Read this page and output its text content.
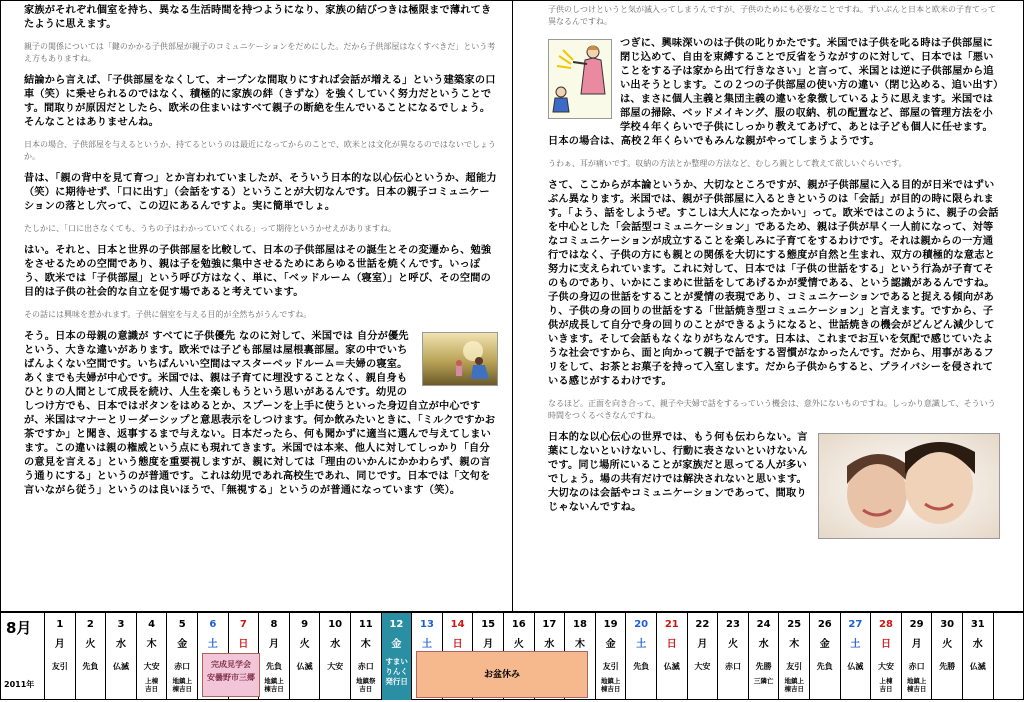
家族がそれぞれ個室を持ち、異なる生活時間を持つようになり、家族の結びつきは極限まで薄れてきたように思えます。

親子の関係については「鍵のかかる子供部屋が親子のコミュニケーションをだめにした。だから子供部屋はなくすべきだ」という考え方もありますね。

結論から言えば、「子供部屋をなくして、オープンな間取りにすれば会話が増える」という建築家の口車（笑）に乗せられるのではなく、積極的に家族の絆（きずな）を強くしていく努力だということです。間取りが原因だとしたら、欧米の住まいはすべて親子の断絶を生んでいることになるでしょう。そんなことはありませんね。

日本の場合、子供部屋を与えるというか、持てるというのは最近になってからのことで、欧米とは文化が異なるのではないでしょうか。

昔は、「親の背中を見て育つ」とか言われていましたが、そういう日本的な以心伝心というか、超能力（笑）に期待せず、「口に出す」（会話をする）ということが大切なんです。日本の親子コミュニケーションの落とし穴って、この辺にあるんですよ。実に簡単でしょ。

たしかに、「口に出さなくても、うちの子はわかっていてくれる」って期待というかせえがありますね。

はい。それと、日本と世界の子供部屋を比較して、日本の子供部屋はその誕生とその変遷から、勉強をさせるための空間であり、親は子を勉強に集中させるためにあらゆる世話を焼くんです。いっぽう、欧米では「子供部屋」という呼び方はなく、単に、「ベッドルーム（寝室）」と呼び、その空間の目的は子供の社会的な自立を促す場であると考えています。

その話には興味を惹かれます。子供に個室を与える目的が全然ちがうんですね。

そう。日本の母親の意識が すべてに子供優先 なのに対して、米国では 自分が優先 という、大きな違いがあります。欧米では子ども部屋は屋根裏部屋。家の中でいちばんよくない空間です。いちばんいい空間はマスターベッドルーム＝夫婦の寝室。あくまでも夫婦が中心です。米国では、親は子育てに埋没することなく、親自身もひとりの人間として成長を続け、人生を楽しもうという思いがあるんです。幼児のしつけ方でも、日本ではボタンをはめるとか、スプーンを上手に使うといった身辺自立が中心ですが、米国はマナーとリーダーシップと意思表示をしつけます。何か飲みたいときに、「ミルクですかお茶ですか」と聞き、返事するまで与えない。日本だったら、何も聞かずに適当に選んで与えてしまいます。この違いは親の権威という点にも現れてきます。米国では本来、他人に対してしっかり「自分の意見を言える」という態度を重要視しますが、親に対しては「理由のいかんにかかわらず、親の言う通りにする」というのが普通です。これは幼児であれ高校生であれ、同じです。日本では「文句を言いながら従う」というのは良いほうで、「無視する」というのが普通になっています（笑）。

子供のしつけというと気が滅入ってしまうんですが、子供のためにも必要なことですね。ずいぶんと日本と欧米の子育てって異なるんですね。

つぎに、興味深いのは子供の叱りかたです。米国では子供を叱る時は子供部屋に閉じ込めて、自由を束縛することで反省をうながすのに対して、日本では「悪いことをする子は家から出て行きなさい」と言って、米国とは逆に子供部屋から追い出そうとします。この２つの子供部屋の使い方の違い（閉じ込める、追い出す）は、まさに個人主義と集団主義の違いを象徴しているように思えます。米国では部屋の掃除、ベッドメイキング、服の収納、机の配置など、部屋の管理方法を小学校４年くらいで子供にしっかり教えてあげて、あとは子ども個人に任せます。日本の場合は、高校２年くらいでもみんな親がやってしまうようです。

うわぁ、耳が痛いです。収納の方法とか整理の方法など、むしろ親として教えて欲しいぐらいです。

さて、ここからが本論というか、大切なところですが、親が子供部屋に入る目的が日米ではずいぶん異なります。米国では、親が子供部屋に入るときというのは「会話」が目的の時に限られます。「よう、話をしようぜ。すこしは大人になったかい」って。欧米ではこのように、親子の会話を中心とした「会話型コミュニケーション」であるため、親は子供が早く一人前になって、対等なコミュニケーションが成立することを楽しみに子育てをするわけです。それは親からの一方通行ではなく、子供の方にも親との関係を大切にする態度が自然と生まれ、双方の積極的な意志と努力に支えられています。これに対して、日本では「子供の世話をする」という行為が子育てそのものであり、いかにこまめに世話をしてあげるかが愛情である、という認識があるんですね。子供の身辺の世話をすることが愛情の表現であり、コミュニケーションであると捉える傾向があり、子供の身の回りの世話をする「世話焼き型コミュニケーション」と言えます。ですから、子供が成長して自分で身の回りのことができるようになると、世話焼きの機会がどんどん減少していきます。そして会話もなくなりがちなんです。日本は、これまでお互いを気配で感じていたような社会ですから、面と向かって親子で話をする習慣がなかったんです。だから、用事があるフリをして、お茶とお菓子を持って入室します。だから子供からすると、プライバシーを侵されている感じがするわけです。

なるほど。正面を向き合って、親子や夫婦で話をするっていう機会は、意外にないものですね。しっかり意識して、そういう時間をつくるべきなんですね。

日本的な以心伝心の世界では、もう何も伝わらない。言葉にしないといけないし、行動に表さないといけないんです。同じ場所にいることが家族だと思ってる人が多いでしょう。場の共有だけでは解決されないと思います。大切なのは会話やコミュニケーションであって、間取りじゃないんですね。

8月
2011年
1
月
友引
2
火
先負
3
水
仏滅
4
木
大安
上棟
吉日
5
金
赤口
地鎮上
棟吉日
6
土
7
日
8
月
先負
地鎮上
棟吉日
9
火
仏滅
10
水
大安
11
木
赤口
地鎮祭
吉日
12
金
13
土
14
日
15
月
16
火
17
水
18
木
19
金
友引
地鎮上
棟吉日
20
土
先負
21
日
仏滅
22
月
大安
23
火
赤口
24
水
先勝
三隣亡
25
木
友引
地鎮上
棟吉日
26
金
先負
27
土
仏滅
28
日
大安
上棟
吉日
29
月
赤口
地鎮上
棟吉日
30
火
先勝
31
水
仏滅
完成見学会
安曇野市三郷
すまい
りんく
発行日
お盆休み
